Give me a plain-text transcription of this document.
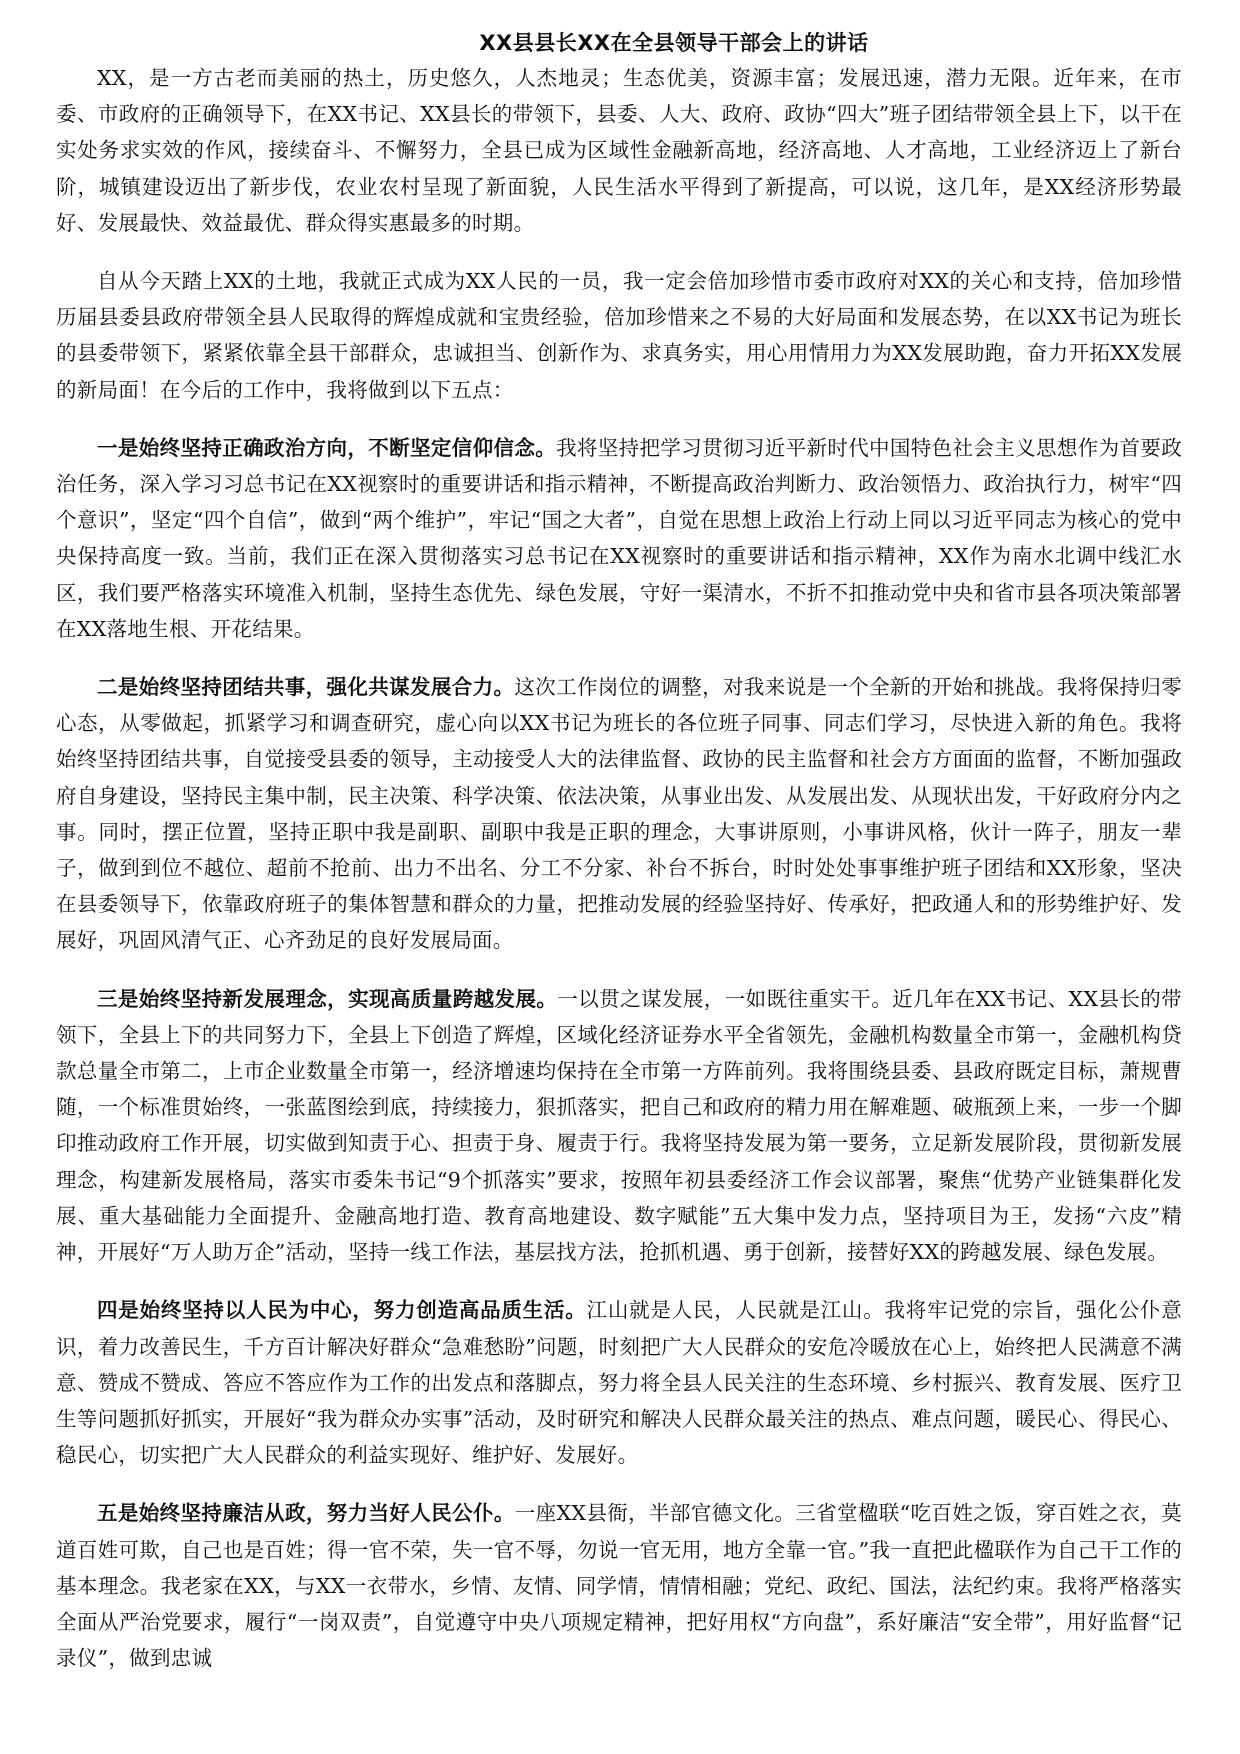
XX县县长XX在全县领导干部会上的讲话

XX，是一方古老而美丽的热土，历史悠久，人杰地灵；生态优美，资源丰富；发展迅速，潜力无限。近年来，在市委、市政府的正确领导下，在XX书记、XX县长的带领下，县委、人大、政府、政协“四大”班子团结带领全县上下，以干在实处务求实效的作风，接续奋斗、不懈努力，全县已成为区域性金融新高地，经济高地、人才高地，工业经济迈上了新台阶，城镇建设迈出了新步伐，农业农村呈现了新面貌，人民生活水平得到了新提高，可以说，这几年，是XX经济形势最好、发展最快、效益最优、群众得实惠最多的时期。

自从今天踏上XX的土地，我就正式成为XX人民的一员，我一定会倍加珍惜市委市政府对XX的关心和支持，倍加珍惜历届县委县政府带领全县人民取得的辉煌成就和宝贵经验，倍加珍惜来之不易的大好局面和发展态势，在以XX书记为班长的县委带领下，紧紧依靠全县干部群众，忠诚担当、创新作为、求真务实，用心用情用力为XX发展助跑，奋力开拓XX发展的新局面！在今后的工作中，我将做到以下五点：

一是始终坚持正确政治方向，不断坚定信仰信念。我将坚持把学习贯彻习近平新时代中国特色社会主义思想作为首要政治任务，深入学习习总书记在XX视察时的重要讲话和指示精神，不断提高政治判断力、政治领悟力、政治执行力，树牢“四个意识”，坚定“四个自信”，做到“两个维护”，牢记“国之大者”，自觉在思想上政治上行动上同以习近平同志为核心的党中央保持高度一致。当前，我们正在深入贯彻落实习总书记在XX视察时的重要讲话和指示精神，XX作为南水北调中线汇水区，我们要严格落实环境准入机制，坚持生态优先、绿色发展，守好一渠清水，不折不扣推动党中央和省市县各项决策部署在XX落地生根、开花结果。

二是始终坚持团结共事，强化共谋发展合力。这次工作岗位的调整，对我来说是一个全新的开始和挑战。我将保持归零心态，从零做起，抓紧学习和调查研究，虚心向以XX书记为班长的各位班子同事、同志们学习，尽快进入新的角色。我将始终坚持团结共事，自觉接受县委的领导，主动接受人大的法律监督、政协的民主监督和社会方方面面的监督，不断加强政府自身建设，坚持民主集中制，民主决策、科学决策、依法决策，从事业出发、从发展出发、从现状出发，干好政府分内之事。同时，摆正位置，坚持正职中我是副职、副职中我是正职的理念，大事讲原则，小事讲风格，伙计一阵子，朋友一辈子，做到到位不越位、超前不抢前、出力不出名、分工不分家、补台不拆台，时时处处事事维护班子团结和XX形象，坚决在县委领导下，依靠政府班子的集体智慧和群众的力量，把推动发展的经验坚持好、传承好，把政通人和的形势维护好、发展好，巩固风清气正、心齐劲足的良好发展局面。

三是始终坚持新发展理念，实现高质量跨越发展。一以贯之谋发展，一如既往重实干。近几年在XX书记、XX县长的带领下，全县上下的共同努力下，全县上下创造了辉煌，区域化经济证券水平全省领先，金融机构数量全市第一，金融机构贷款总量全市第二，上市企业数量全市第一，经济增速均保持在全市第一方阵前列。我将围绕县委、县政府既定目标，萧规曹随，一个标准贯始终，一张蓝图绘到底，持续接力，狠抓落实，把自己和政府的精力用在解难题、破瓶颈上来，一步一个脚印推动政府工作开展，切实做到知责于心、担责于身、履责于行。我将坚持发展为第一要务，立足新发展阶段，贯彻新发展理念，构建新发展格局，落实市委朱书记“9个抓落实”要求，按照年初县委经济工作会议部署，聚焦“优势产业链集群化发展、重大基础能力全面提升、金融高地打造、教育高地建设、数字赋能”五大集中发力点，坚持项目为王，发扬“六皮”精神，开展好“万人助万企”活动，坚持一线工作法，基层找方法，抢抓机遇、勇于创新，接替好XX的跨越发展、绿色发展。

四是始终坚持以人民为中心，努力创造高品质生活。江山就是人民，人民就是江山。我将牢记党的宗旨，强化公仆意识，着力改善民生，千方百计解决好群众“急难愁盼”问题，时刻把广大人民群众的安危冷暖放在心上，始终把人民满意不满意、赞成不赞成、答应不答应作为工作的出发点和落脚点，努力将全县人民关注的生态环境、乡村振兴、教育发展、医疗卫生等问题抓好抓实，开展好“我为群众办实事”活动，及时研究和解决人民群众最关注的热点、难点问题，暖民心、得民心、稳民心，切实把广大人民群众的利益实现好、维护好、发展好。

五是始终坚持廉洁从政，努力当好人民公仆。一座XX县衙，半部官德文化。三省堂楹联“吃百姓之饭，穿百姓之衣，莫道百姓可欺，自己也是百姓；得一官不荣，失一官不辱，勿说一官无用，地方全靠一官。”我一直把此楹联作为自己干工作的基本理念。我老家在XX，与XX一衣带水，乡情、友情、同学情，情情相融；党纪、政纪、国法，法纪约束。我将严格落实全面从严治党要求，履行“一岗双责”，自觉遵守中央八项规定精神，把好用权“方向盘”，系好廉洁“安全带”，用好监督“记录仪”，做到忠诚
